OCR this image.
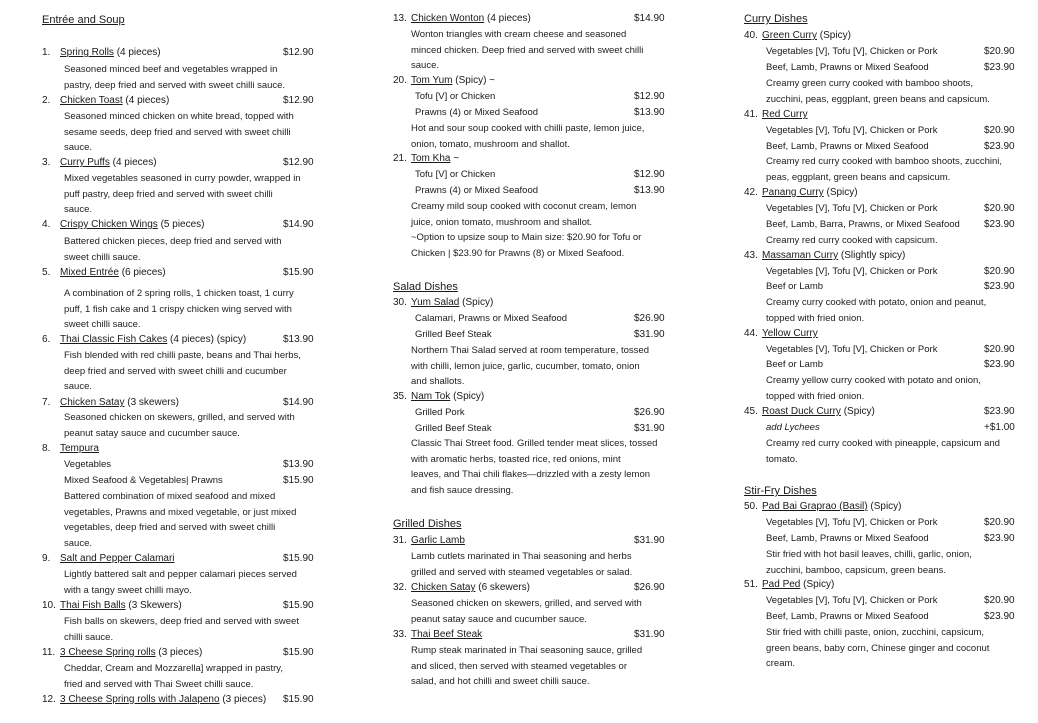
Entrée and Soup
1. Spring Rolls (4 pieces)	$12.90
Seasoned minced beef and vegetables wrapped in
pastry, deep fried and served with sweet chilli sauce.
2. Chicken Toast (4 pieces)	$12.90
Seasoned minced chicken on white bread, topped with
sesame seeds, deep fried and served with sweet chilli
sauce.
3. Curry Puffs (4 pieces)	$12.90
Mixed vegetables seasoned in curry powder, wrapped in
puff pastry, deep fried and served with sweet chilli
sauce.
4. Crispy Chicken Wings (5 pieces)	$14.90
Battered chicken pieces, deep fried and served with
sweet chilli sauce.
5. Mixed Entrée (6 pieces)	$15.90
A combination of 2 spring rolls, 1 chicken toast, 1 curry
puff, 1 fish cake and 1 crispy chicken wing served with
sweet chilli sauce.
6. Thai Classic Fish Cakes (4 pieces) (spicy)	$13.90
Fish blended with red chilli paste, beans and Thai herbs,
deep fried and served with sweet chilli and cucumber
sauce.
7. Chicken Satay (3 skewers)	$14.90
Seasoned chicken on skewers, grilled, and served with
peanut satay sauce and cucumber sauce.
8. Tempura
Vegetables	$13.90
Mixed Seafood & Vegetables| Prawns	$15.90
Battered combination of mixed seafood and mixed
vegetables, Prawns and mixed vegetable, or just mixed
vegetables, deep fried and served with sweet chilli
sauce.
9. Salt and Pepper Calamari	$15.90
Lightly battered salt and pepper calamari pieces served
with a tangy sweet chilli mayo.
10. Thai Fish Balls (3 Skewers)	$15.90
Fish balls on skewers, deep fried and served with sweet
chilli sauce.
11. 3 Cheese Spring rolls (3 pieces)	$15.90
Cheddar, Cream and Mozzarella] wrapped in pastry,
fried and served with Thai Sweet chilli sauce.
12. 3 Cheese Spring rolls with Jalapeno (3 pieces) $15.90
13. Chicken Wonton (4 pieces)	$14.90
Wonton triangles with cream cheese and seasoned
minced chicken. Deep fried and served with sweet chilli
sauce.
20. Tom Yum (Spicy) ~
Tofu [V] or Chicken	$12.90
Prawns (4) or Mixed Seafood	$13.90
Hot and sour soup cooked with chilli paste, lemon juice,
onion, tomato, mushroom and shallot.
21. Tom Kha ~
Tofu [V] or Chicken	$12.90
Prawns (4) or Mixed Seafood	$13.90
Creamy mild soup cooked with coconut cream, lemon
juice, onion tomato, mushroom and shallot.
~Option to upsize soup to Main size: $20.90 for Tofu or
Chicken | $23.90 for Prawns (8) or Mixed Seafood.
Salad Dishes
30. Yum Salad (Spicy)
Calamari, Prawns or Mixed Seafood	$26.90
Grilled Beef Steak	$31.90
Northern Thai Salad served at room temperature, tossed
with chilli, lemon juice, garlic, cucumber, tomato, onion
and shallots.
35. Nam Tok (Spicy)
Grilled Pork	$26.90
Grilled Beef Steak	$31.90
Classic Thai Street food. Grilled tender meat slices, tossed
with aromatic herbs, toasted rice, red onions, mint
leaves, and Thai chili flakes—drizzled with a zesty lemon
and fish sauce dressing.
Grilled Dishes
31. Garlic Lamb	$31.90
Lamb cutlets marinated in Thai seasoning and herbs
grilled and served with steamed vegetables or salad.
32. Chicken Satay (6 skewers)	$26.90
Seasoned chicken on skewers, grilled, and served with
peanut satay sauce and cucumber sauce.
33. Thai Beef Steak	$31.90
Rump steak marinated in Thai seasoning sauce, grilled
and sliced, then served with steamed vegetables or
salad, and hot chilli and sweet chilli sauce.
Curry Dishes
40. Green Curry (Spicy)
Vegetables [V], Tofu [V], Chicken or Pork	$20.90
Beef, Lamb, Prawns or Mixed Seafood	$23.90
Creamy green curry cooked with bamboo shoots,
zucchini, peas, eggplant, green beans and capsicum.
41. Red Curry
Vegetables [V], Tofu [V], Chicken or Pork	$20.90
Beef, Lamb, Prawns or Mixed Seafood	$23.90
Creamy red curry cooked with bamboo shoots, zucchini,
peas, eggplant, green beans and capsicum.
42. Panang Curry (Spicy)
Vegetables [V], Tofu [V], Chicken or Pork	$20.90
Beef, Lamb, Barra, Prawns, or Mixed Seafood $23.90
Creamy red curry cooked with capsicum.
43. Massaman Curry (Slightly spicy)
Vegetables [V], Tofu [V], Chicken or Pork	$20.90
Beef or Lamb	$23.90
Creamy curry cooked with potato, onion and peanut,
topped with fried onion.
44. Yellow Curry
Vegetables [V], Tofu [V], Chicken or Pork	$20.90
Beef or Lamb	$23.90
Creamy yellow curry cooked with potato and onion,
topped with fried onion.
45. Roast Duck Curry (Spicy)	$23.90
add Lychees	+$1.00
Creamy red curry cooked with pineapple, capsicum and
tomato.
Stir-Fry Dishes
50. Pad Bai Graprao (Basil) (Spicy)
Vegetables [V], Tofu [V], Chicken or Pork	$20.90
Beef, Lamb, Prawns or Mixed Seafood	$23.90
Stir fried with hot basil leaves, chilli, garlic, onion,
zucchini, bamboo, capsicum, green beans.
51. Pad Ped (Spicy)
Vegetables [V], Tofu [V], Chicken or Pork	$20.90
Beef, Lamb, Prawns or Mixed Seafood	$23.90
Stir fried with chilli paste, onion, zucchini, capsicum,
green beans, baby corn, Chinese ginger and coconut
cream.
